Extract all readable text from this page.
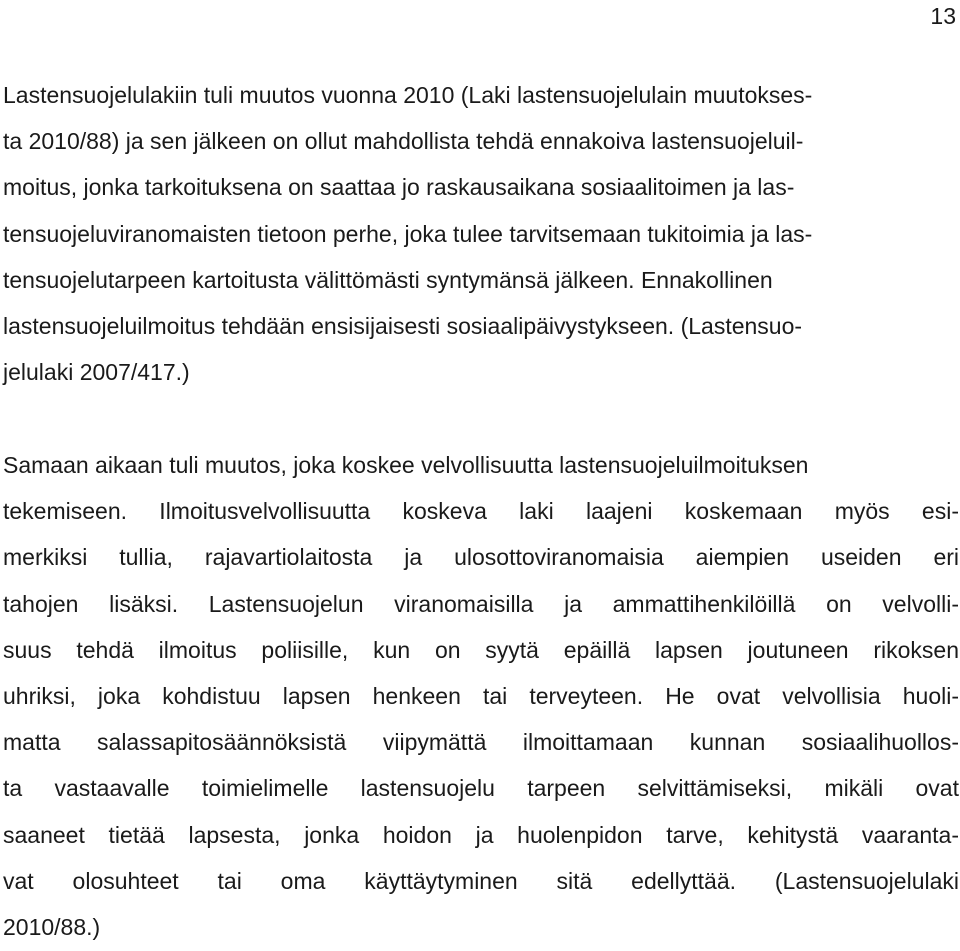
13
Lastensuojelulakiin tuli muutos vuonna 2010 (Laki lastensuojelulain muutokses-
ta 2010/88) ja sen jälkeen on ollut mahdollista tehdä ennakoiva lastensuojeluil-
moitus, jonka tarkoituksena on saattaa jo raskausaikana sosiaalitoimen ja las-
tensuojeluviranomaisten tietoon perhe, joka tulee tarvitsemaan tukitoimia ja las-
tensuojelutarpeen kartoitusta välittömästi syntymänsä jälkeen. Ennakollinen
lastensuojeluilmoitus tehdään ensisijaisesti sosiaalipäivystykseen. (Lastensuo-
jelulaki 2007/417.)
Samaan aikaan tuli muutos, joka koskee velvollisuutta lastensuojeluilmoituksen
tekemiseen. Ilmoitusvelvollisuutta koskeva laki laajeni koskemaan myös esi-
merkiksi tullia, rajavartiolaitosta ja ulosottoviranomaisia aiempien useiden eri
tahojen lisäksi. Lastensuojelun viranomaisilla ja ammattihenkilöillä on velvolli-
suus tehdä ilmoitus poliisille, kun on syytä epäillä lapsen joutuneen rikoksen
uhriksi, joka kohdistuu lapsen henkeen tai terveyteen. He ovat velvollisia huoli-
matta salassapitosäännöksistä viipymättä ilmoittamaan kunnan sosiaalihuollos-
ta vastaavalle toimielimelle lastensuojelu tarpeen selvittämiseksi, mikäli ovat
saaneet tietää lapsesta, jonka hoidon ja huolenpidon tarve, kehitystä vaaranta-
vat olosuhteet tai oma käyttäytyminen sitä edellyttää. (Lastensuojelulaki
2010/88.)
